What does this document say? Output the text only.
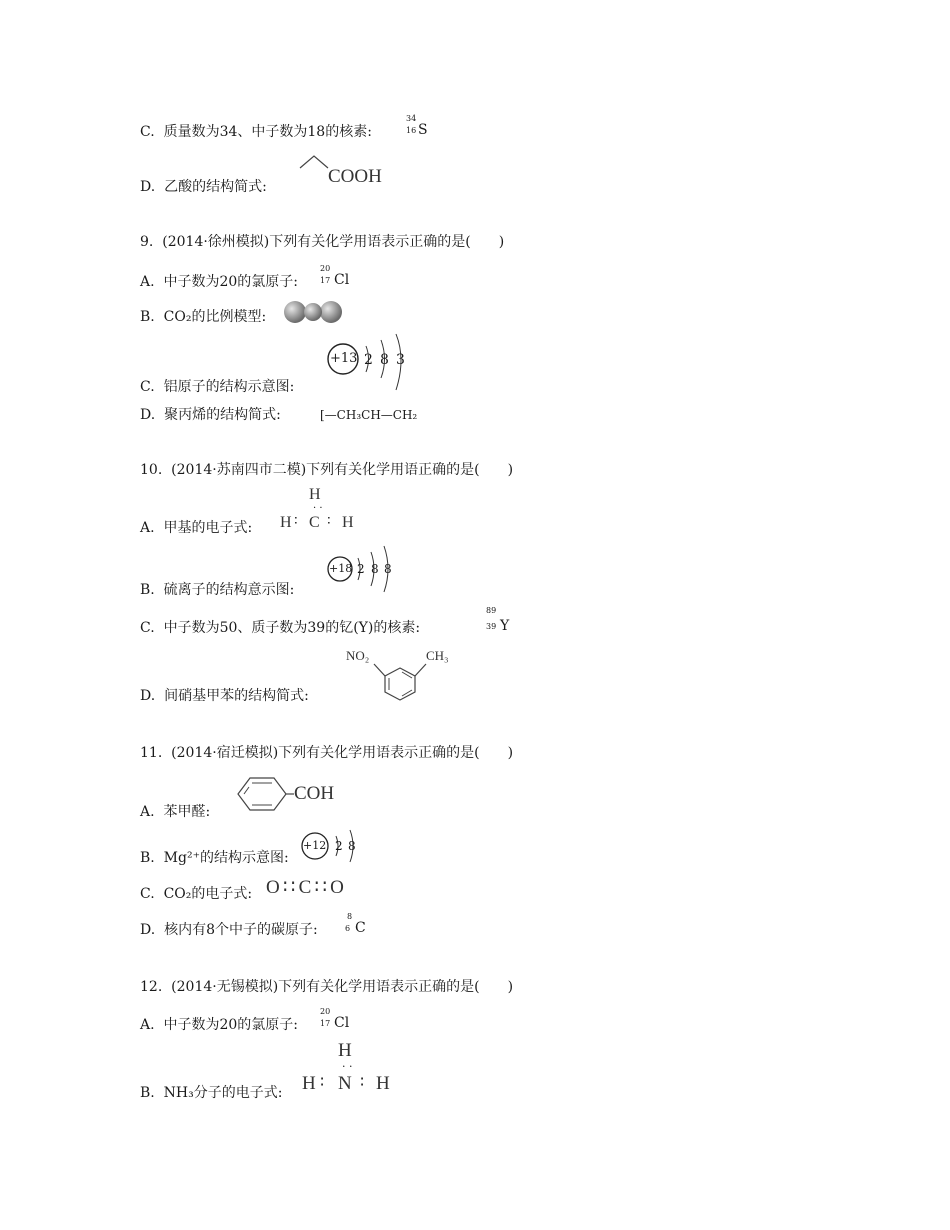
C. 质量数为34、中子数为18的核素:
34
16 S
D. 乙酸的结构简式:	COOH
9. (2014·徐州模拟)下列有关化学用语表示正确的是(　　)
A. 中子数为20的氯原子:
20
17 Cl
B. CO₂的比例模型:
C. 铝原子的结构示意图:
+13 2 8 3
D. 聚丙烯的结构简式:	[—CH₃CH—CH₂
10. (2014·苏南四市二模)下列有关化学用语正确的是(　　)
A. 甲基的电子式:
H
· ·
H ∶ C ∶ H
B. 硫离子的结构意示图:
+18 2 8 8
C. 中子数为50、质子数为39的钇(Y)的核素:
89
39 Y
D. 间硝基甲苯的结构简式:
NO₂	CH₃
11. (2014·宿迁模拟)下列有关化学用语表示正确的是(　　)
A. 苯甲醛:
COH
B. Mg²⁺的结构示意图:
+12 2 8
C. CO₂的电子式: O∶∶C∶∶O
D. 核内有8个中子的碳原子:
8
6 C
12. (2014·无锡模拟)下列有关化学用语表示正确的是(　　)
A. 中子数为20的氯原子:
20
17 Cl
B. NH₃分子的电子式:
H
· ·
H ∶ N ∶ H
